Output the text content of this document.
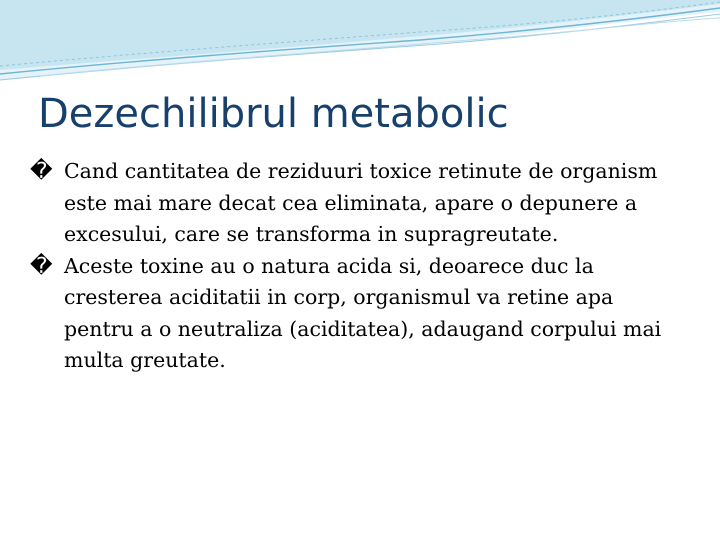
Dezechilibrul metabolic
� Cand cantitatea de reziduuri toxice retinute de organism este mai mare decat cea eliminata, apare o depunere a excesului, care se transforma in supragreutate.
� Aceste toxine au o natura acida si, deoarece duc la cresterea aciditatii in corp, organismul va retine apa pentru a o neutraliza (aciditatea), adaugand corpului mai multa greutate.
